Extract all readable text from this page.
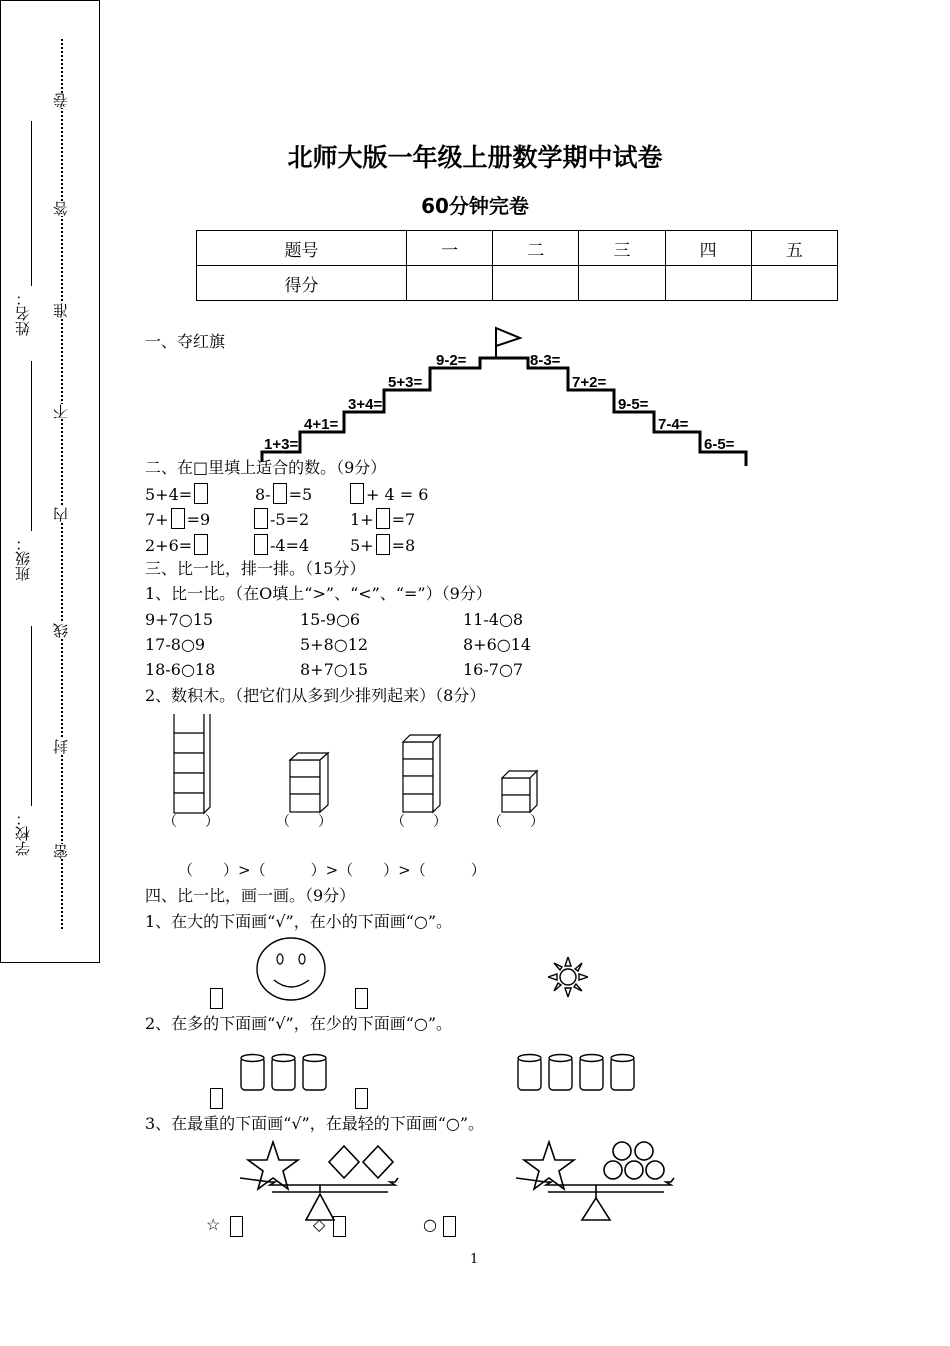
姓名：
班级：
学校：
卷
答
准
不
内
线
封
密
北师大版一年级上册数学期中试卷
60分钟完卷
题号	一	二	三	四	五
得分					
一、夺红旗
1+3=
4+1=
3+4=
5+3=
9-2=	8-3=
7+2=
9-5=
7-4=
6-5=
二、在□里填上适合的数。（9分）
5+4=	8- =5	+ 4 = 6
7+ =9	-5=2	1+ =7
2+6=	-4=4	5+ =8
三、比一比，排一排。（15分）
1、比一比。（在O填上“>”、“<”、“=”）（9分）
9+7○15	15-9○6	11-4○8
17-8○9	5+8○12	8+6○14
18-6○18	8+7○15	16-7○7
2、数积木。（把它们从多到少排列起来）（8分）
（　　）	（　　）	（　　）	（　　）
（　　）>（　　　）>（　　）>（　　　）
四、比一比，画一画。（9分）
1、在大的下面画“√”，在小的下面画“○”。
2、在多的下面画“√”，在少的下面画“○”。
3、在最重的下面画“√”，在最轻的下面画“○”。
☆	◇	○
1
